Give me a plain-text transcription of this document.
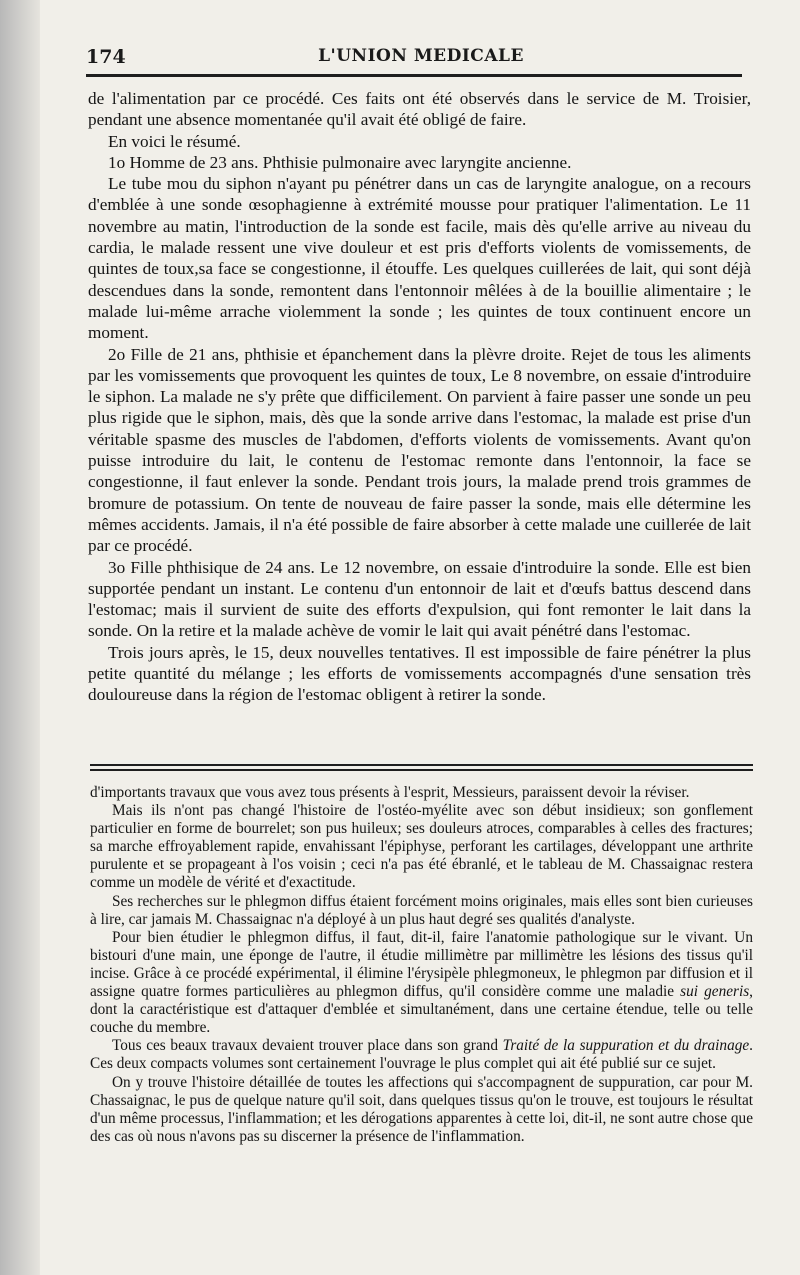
174	L'UNION MEDICALE

de l'alimentation par ce procédé. Ces faits ont été observés dans le service de M. Troisier, pendant une absence momentanée qu'il avait été obligé de faire.

En voici le résumé.

1o Homme de 23 ans. Phthisie pulmonaire avec laryngite ancienne.

Le tube mou du siphon n'ayant pu pénétrer dans un cas de laryngite analogue, on a recours d'emblée à une sonde œsophagienne à extrémité mousse pour pratiquer l'alimentation. Le 11 novembre au matin, l'introduction de la sonde est facile, mais dès qu'elle arrive au niveau du cardia, le malade ressent une vive douleur et est pris d'efforts violents de vomissements, de quintes de toux,sa face se congestionne, il étouffe. Les quelques cuillerées de lait, qui sont déjà descendues dans la sonde, remontent dans l'entonnoir mêlées à de la bouillie alimentaire ; le malade lui-même arrache violemment la sonde ; les quintes de toux continuent encore un moment.

2o Fille de 21 ans, phthisie et épanchement dans la plèvre droite. Rejet de tous les aliments par les vomissements que provoquent les quintes de toux, Le 8 novembre, on essaie d'introduire le siphon. La malade ne s'y prête que difficilement. On parvient à faire passer une sonde un peu plus rigide que le siphon, mais, dès que la sonde arrive dans l'estomac, la malade est prise d'un véritable spasme des muscles de l'abdomen, d'efforts violents de vomissements. Avant qu'on puisse introduire du lait, le contenu de l'estomac remonte dans l'entonnoir, la face se congestionne, il faut enlever la sonde. Pendant trois jours, la malade prend trois grammes de bromure de potassium. On tente de nouveau de faire passer la sonde, mais elle détermine les mêmes accidents. Jamais, il n'a été possible de faire absorber à cette malade une cuillerée de lait par ce procédé.

3o Fille phthisique de 24 ans. Le 12 novembre, on essaie d'introduire la sonde. Elle est bien supportée pendant un instant. Le contenu d'un entonnoir de lait et d'œufs battus descend dans l'estomac; mais il survient de suite des efforts d'expulsion, qui font remonter le lait dans la sonde. On la retire et la malade achève de vomir le lait qui avait pénétré dans l'estomac.

Trois jours après, le 15, deux nouvelles tentatives. Il est impossible de faire pénétrer la plus petite quantité du mélange ; les efforts de vomissements accompagnés d'une sensation très douloureuse dans la région de l'estomac obligent à retirer la sonde.

d'importants travaux que vous avez tous présents à l'esprit, Messieurs, paraissent devoir la réviser.

Mais ils n'ont pas changé l'histoire de l'ostéo-myélite avec son début insidieux; son gonflement particulier en forme de bourrelet; son pus huileux; ses douleurs atroces, comparables à celles des fractures; sa marche effroyablement rapide, envahissant l'épiphyse, perforant les cartilages, développant une arthrite purulente et se propageant à l'os voisin ; ceci n'a pas été ébranlé, et le tableau de M. Chassaignac restera comme un modèle de vérité et d'exactitude.

Ses recherches sur le phlegmon diffus étaient forcément moins originales, mais elles sont bien curieuses à lire, car jamais M. Chassaignac n'a déployé à un plus haut degré ses qualités d'analyste.

Pour bien étudier le phlegmon diffus, il faut, dit-il, faire l'anatomie pathologique sur le vivant. Un bistouri d'une main, une éponge de l'autre, il étudie millimètre par millimètre les lésions des tissus qu'il incise. Grâce à ce procédé expérimental, il élimine l'érysipèle phlegmoneux, le phlegmon par diffusion et il assigne quatre formes particulières au phlegmon diffus, qu'il considère comme une maladie sui generis, dont la caractéristique est d'attaquer d'emblée et simultanément, dans une certaine étendue, telle ou telle couche du membre.

Tous ces beaux travaux devaient trouver place dans son grand Traité de la suppuration et du drainage. Ces deux compacts volumes sont certainement l'ouvrage le plus complet qui ait été publié sur ce sujet.

On y trouve l'histoire détaillée de toutes les affections qui s'accompagnent de suppuration, car pour M. Chassaignac, le pus de quelque nature qu'il soit, dans quelques tissus qu'on le trouve, est toujours le résultat d'un même processus, l'inflammation; et les dérogations apparentes à cette loi, dit-il, ne sont autre chose que des cas où nous n'avons pas su discerner la présence de l'inflammation.
